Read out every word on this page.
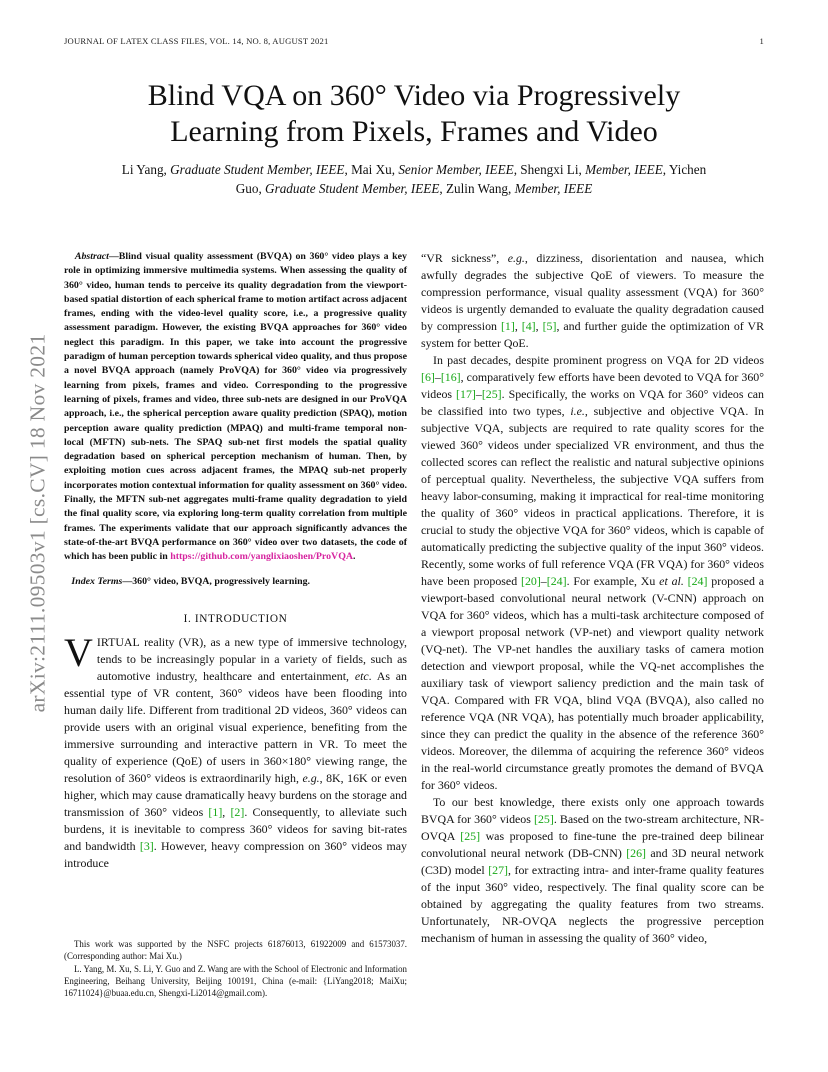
JOURNAL OF LATEX CLASS FILES, VOL. 14, NO. 8, AUGUST 2021	1
arXiv:2111.09503v1 [cs.CV] 18 Nov 2021
Blind VQA on 360° Video via Progressively
Learning from Pixels, Frames and Video
Li Yang, Graduate Student Member, IEEE, Mai Xu, Senior Member, IEEE, Shengxi Li, Member, IEEE, Yichen
Guo, Graduate Student Member, IEEE, Zulin Wang, Member, IEEE

Abstract—Blind visual quality assessment (BVQA) on 360° video plays a key role in optimizing immersive multimedia systems. When assessing the quality of 360° video, human tends to perceive its quality degradation from the viewport-based spatial distortion of each spherical frame to motion artifact across adjacent frames, ending with the video-level quality score, i.e., a progressive quality assessment paradigm. However, the existing BVQA approaches for 360° video neglect this paradigm. In this paper, we take into account the progressive paradigm of human perception towards spherical video quality, and thus propose a novel BVQA approach (namely ProVQA) for 360° video via progressively learning from pixels, frames and video. Corresponding to the progressive learning of pixels, frames and video, three sub-nets are designed in our ProVQA approach, i.e., the spherical perception aware quality prediction (SPAQ), motion perception aware quality prediction (MPAQ) and multi-frame temporal non-local (MFTN) sub-nets. The SPAQ sub-net first models the spatial quality degradation based on spherical perception mechanism of human. Then, by exploiting motion cues across adjacent frames, the MPAQ sub-net properly incorporates motion contextual information for quality assessment on 360° video. Finally, the MFTN sub-net aggregates multi-frame quality degradation to yield the final quality score, via exploring long-term quality correlation from multiple frames. The experiments validate that our approach significantly advances the state-of-the-art BVQA performance on 360° video over two datasets, the code of which has been public in https://github.com/yanglixiaoshen/ProVQA.

Index Terms—360° video, BVQA, progressively learning.

I. INTRODUCTION

VIRTUAL reality (VR), as a new type of immersive technology, tends to be increasingly popular in a variety of fields, such as automotive industry, healthcare and entertainment, etc. As an essential type of VR content, 360° videos have been flooding into human daily life. Different from traditional 2D videos, 360° videos can provide users with an original visual experience, benefiting from the immersive surrounding and interactive pattern in VR. To meet the quality of experience (QoE) of users in 360×180° viewing range, the resolution of 360° videos is extraordinarily high, e.g., 8K, 16K or even higher, which may cause dramatically heavy burdens on the storage and transmission of 360° videos [1], [2]. Consequently, to alleviate such burdens, it is inevitable to compress 360° videos for saving bit-rates and bandwidth [3]. However, heavy compression on 360° videos may introduce

This work was supported by the NSFC projects 61876013, 61922009 and 61573037.(Corresponding author: Mai Xu.)

L. Yang, M. Xu, S. Li, Y. Guo and Z. Wang are with the School of Electronic and Information Engineering, Beihang University, Beijing 100191, China (e-mail: {LiYang2018; MaiXu; 16711024}@buaa.edu.cn, Shengxi-Li2014@gmail.com).

“VR sickness”, e.g., dizziness, disorientation and nausea, which awfully degrades the subjective QoE of viewers. To measure the compression performance, visual quality assessment (VQA) for 360° videos is urgently demanded to evaluate the quality degradation caused by compression [1], [4], [5], and further guide the optimization of VR system for better QoE.

In past decades, despite prominent progress on VQA for 2D videos [6]–[16], comparatively few efforts have been devoted to VQA for 360° videos [17]–[25]. Specifically, the works on VQA for 360° videos can be classified into two types, i.e., subjective and objective VQA. In subjective VQA, subjects are required to rate quality scores for the viewed 360° videos under specialized VR environment, and thus the collected scores can reflect the realistic and natural subjective opinions of perceptual quality. Nevertheless, the subjective VQA suffers from heavy labor-consuming, making it impractical for real-time monitoring the quality of 360° videos in practical applications. Therefore, it is crucial to study the objective VQA for 360° videos, which is capable of automatically predicting the subjective quality of the input 360° videos. Recently, some works of full reference VQA (FR VQA) for 360° videos have been proposed [20]–[24]. For example, Xu et al. [24] proposed a viewport-based convolutional neural network (V-CNN) approach on VQA for 360° videos, which has a multi-task architecture composed of a viewport proposal network (VP-net) and viewport quality network (VQ-net). The VP-net handles the auxiliary tasks of camera motion detection and viewport proposal, while the VQ-net accomplishes the auxiliary task of viewport saliency prediction and the main task of VQA. Compared with FR VQA, blind VQA (BVQA), also called no reference VQA (NR VQA), has potentially much broader applicability, since they can predict the quality in the absence of the reference 360° videos. Moreover, the dilemma of acquiring the reference 360° videos in the real-world circumstance greatly promotes the demand of BVQA for 360° videos.

To our best knowledge, there exists only one approach towards BVQA for 360° videos [25]. Based on the two-stream architecture, NR-OVQA [25] was proposed to fine-tune the pre-trained deep bilinear convolutional neural network (DB-CNN) [26] and 3D neural network (C3D) model [27], for extracting intra- and inter-frame quality features of the input 360° video, respectively. The final quality score can be obtained by aggregating the quality features from two streams. Unfortunately, NR-OVQA neglects the progressive perception mechanism of human in assessing the quality of 360° video,
